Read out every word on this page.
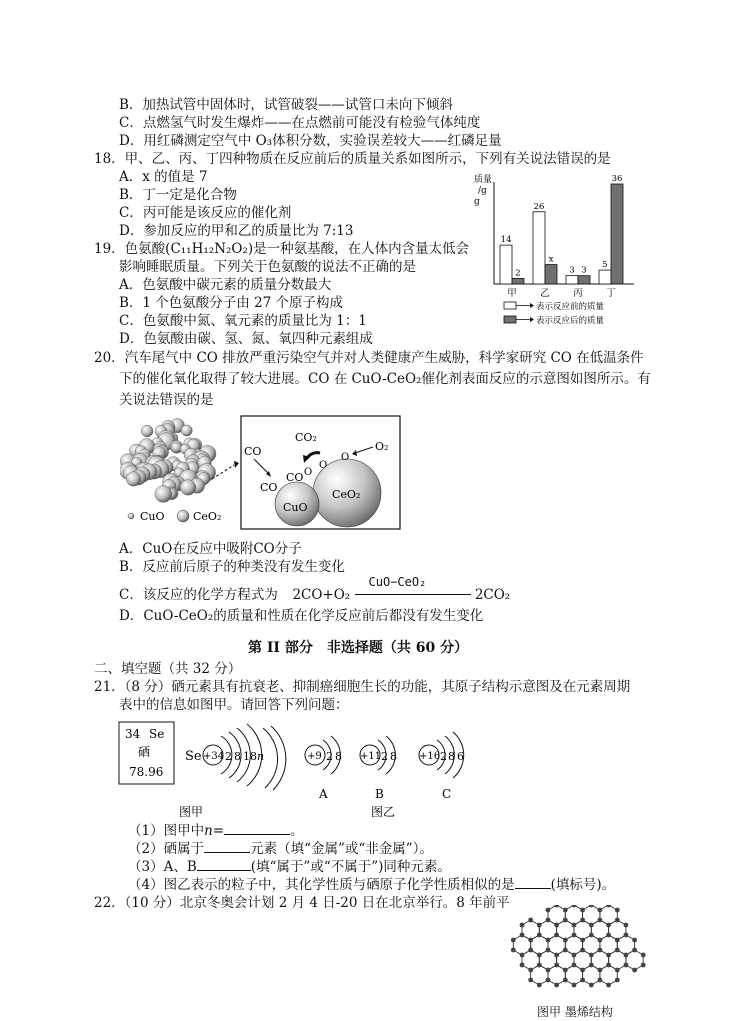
B．加热试管中固体时，试管破裂——试管口未向下倾斜
C．点燃氢气时发生爆炸——在点燃前可能没有检验气体纯度
D．用红磷测定空气中 O₃体积分数，实验误差较大——红磷足量
18．甲、乙、丙、丁四种物质在反应前后的质量关系如图所示，下列有关说法错误的是
A．x 的值是 7
B．丁一定是化合物
C．丙可能是该反应的催化剂
D．参加反应的甲和乙的质量比为 7:13
质量
/g
g
14
2
甲
26
x
乙
3 3
丙
5
36
丁
表示反应前的质量
表示反应后的质量
19．色氨酸(C₁₁H₁₂N₂O₂)是一种氨基酸，在人体内含量太低会
影响睡眠质量。下列关于色氨酸的说法不正确的是
A．色氨酸中碳元素的质量分数最大
B．1 个色氨酸分子由 27 个原子构成
C．色氨酸中氮、氧元素的质量比为 1：1
D．色氨酸由碳、氢、氮、氧四种元素组成
20．汽车尾气中 CO 排放严重污染空气并对人类健康产生威胁，科学家研究 CO 在低温条件
下的催化氧化取得了较大进展。CO 在 CuO-CeO₂催化剂表面反应的示意图如图所示。有
关说法错误的是
CuO	CeO₂
CeO₂
CuO
CO
CO₂
O₂
O
O
O
CO
CO
A．CuO在反应中吸附CO分子
B．反应前后原子的种类没有发生变化
C．该反应的化学方程式为 2CO+O₂
CuO−CeO₂
2CO₂
D．CuO-CeO₂的质量和性质在化学反应前后都没有发生变化
第 II 部分　非选择题（共 60 分）
二、填空题（共 32 分）
21．（8 分）硒元素具有抗衰老、抑制癌细胞生长的功能，其原子结构示意图及在元素周期
表中的信息如图甲。请回答下列问题：
34 Se
硒
78.96
Se +34 2 8 18 n	+9 2 8
A
+11 2 8
B
+16 2 8 6
C
图甲	图乙
（1）图甲中n=	。
（2）硒属于	元素（填“金属”或“非金属”）。
（3）A、B	(填“属于”或“不属于”)同种元素。
（4）图乙表示的粒子中，其化学性质与硒原子化学性质相似的是	(填标号)。
22．（10 分）北京冬奥会计划 2 月 4 日-20 日在北京举行。8 年前平
图甲 墨烯结构
